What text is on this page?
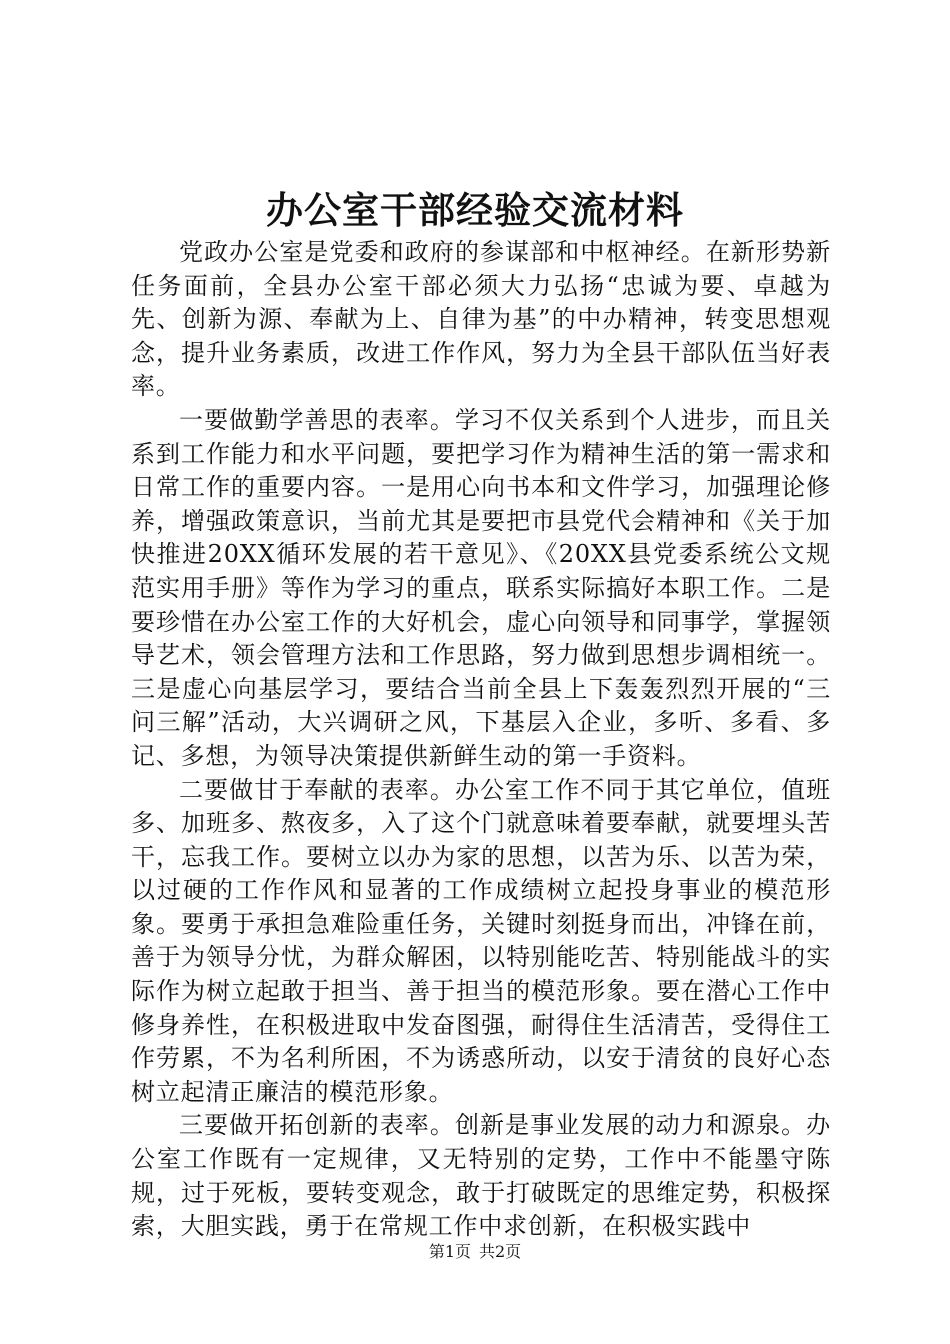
办公室干部经验交流材料

党政办公室是党委和政府的参谋部和中枢神经。在新形势新任务面前，全县办公室干部必须大力弘扬“忠诚为要、卓越为先、创新为源、奉献为上、自律为基”的中办精神，转变思想观念，提升业务素质，改进工作作风，努力为全县干部队伍当好表率。

一要做勤学善思的表率。学习不仅关系到个人进步，而且关系到工作能力和水平问题，要把学习作为精神生活的第一需求和日常工作的重要内容。一是用心向书本和文件学习，加强理论修养，增强政策意识，当前尤其是要把市县党代会精神和《关于加快推进20XX循环发展的若干意见》、《20XX县党委系统公文规范实用手册》等作为学习的重点，联系实际搞好本职工作。二是要珍惜在办公室工作的大好机会，虚心向领导和同事学，掌握领导艺术，领会管理方法和工作思路，努力做到思想步调相统一。三是虚心向基层学习，要结合当前全县上下轰轰烈烈开展的“三问三解”活动，大兴调研之风，下基层入企业，多听、多看、多记、多想，为领导决策提供新鲜生动的第一手资料。

二要做甘于奉献的表率。办公室工作不同于其它单位，值班多、加班多、熬夜多，入了这个门就意味着要奉献，就要埋头苦干，忘我工作。要树立以办为家的思想，以苦为乐、以苦为荣，以过硬的工作作风和显著的工作成绩树立起投身事业的模范形象。要勇于承担急难险重任务，关键时刻挺身而出，冲锋在前，善于为领导分忧，为群众解困，以特别能吃苦、特别能战斗的实际作为树立起敢于担当、善于担当的模范形象。要在潜心工作中修身养性，在积极进取中发奋图强，耐得住生活清苦，受得住工作劳累，不为名利所困，不为诱惑所动，以安于清贫的良好心态树立起清正廉洁的模范形象。

三要做开拓创新的表率。创新是事业发展的动力和源泉。办公室工作既有一定规律，又无特别的定势，工作中不能墨守陈规，过于死板，要转变观念，敢于打破既定的思维定势，积极探索，大胆实践，勇于在常规工作中求创新，在积极实践中

第1页 共2页
